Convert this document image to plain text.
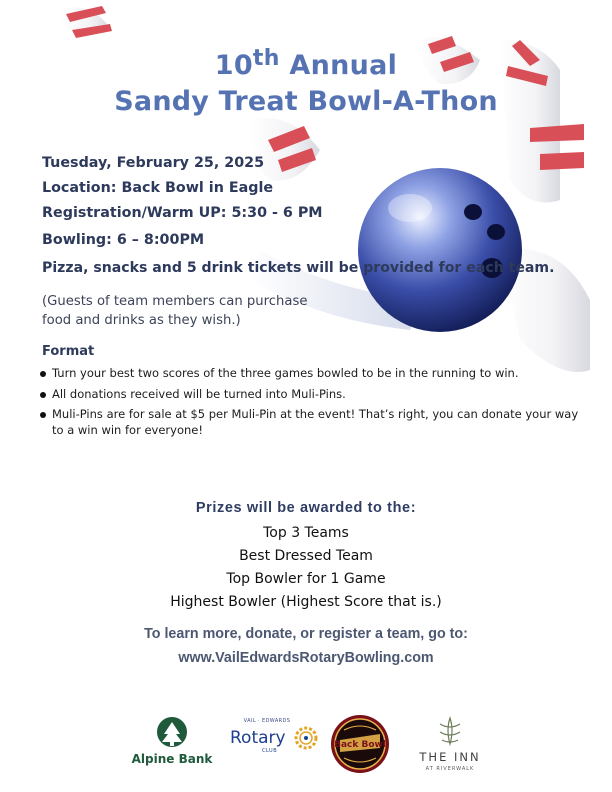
10th Annual
Sandy Treat Bowl-A-Thon
Tuesday, February 25, 2025
Location: Back Bowl in Eagle
Registration/Warm UP: 5:30 - 6 PM
Bowling: 6 – 8:00PM
Pizza, snacks and 5 drink tickets will be provided for each team.
(Guests of team members can purchase
food and drinks as they wish.)
Format
Turn your best two scores of the three games bowled to be in the running to win.
All donations received will be turned into Muli-Pins.
Muli-Pins are for sale at $5 per Muli-Pin at the event! That’s right, you can donate your way to a win win for everyone!
Prizes will be awarded to the:
Top 3 Teams
Best Dressed Team
Top Bowler for 1 Game
Highest Bowler (Highest Score that is.)
To learn more, donate, or register a team, go to:
www.VailEdwardsRotaryBowling.com
Alpine Bank
VAIL · EDWARDS
Rotary
CLUB
Back Bowl
THE INN
AT RIVERWALK
